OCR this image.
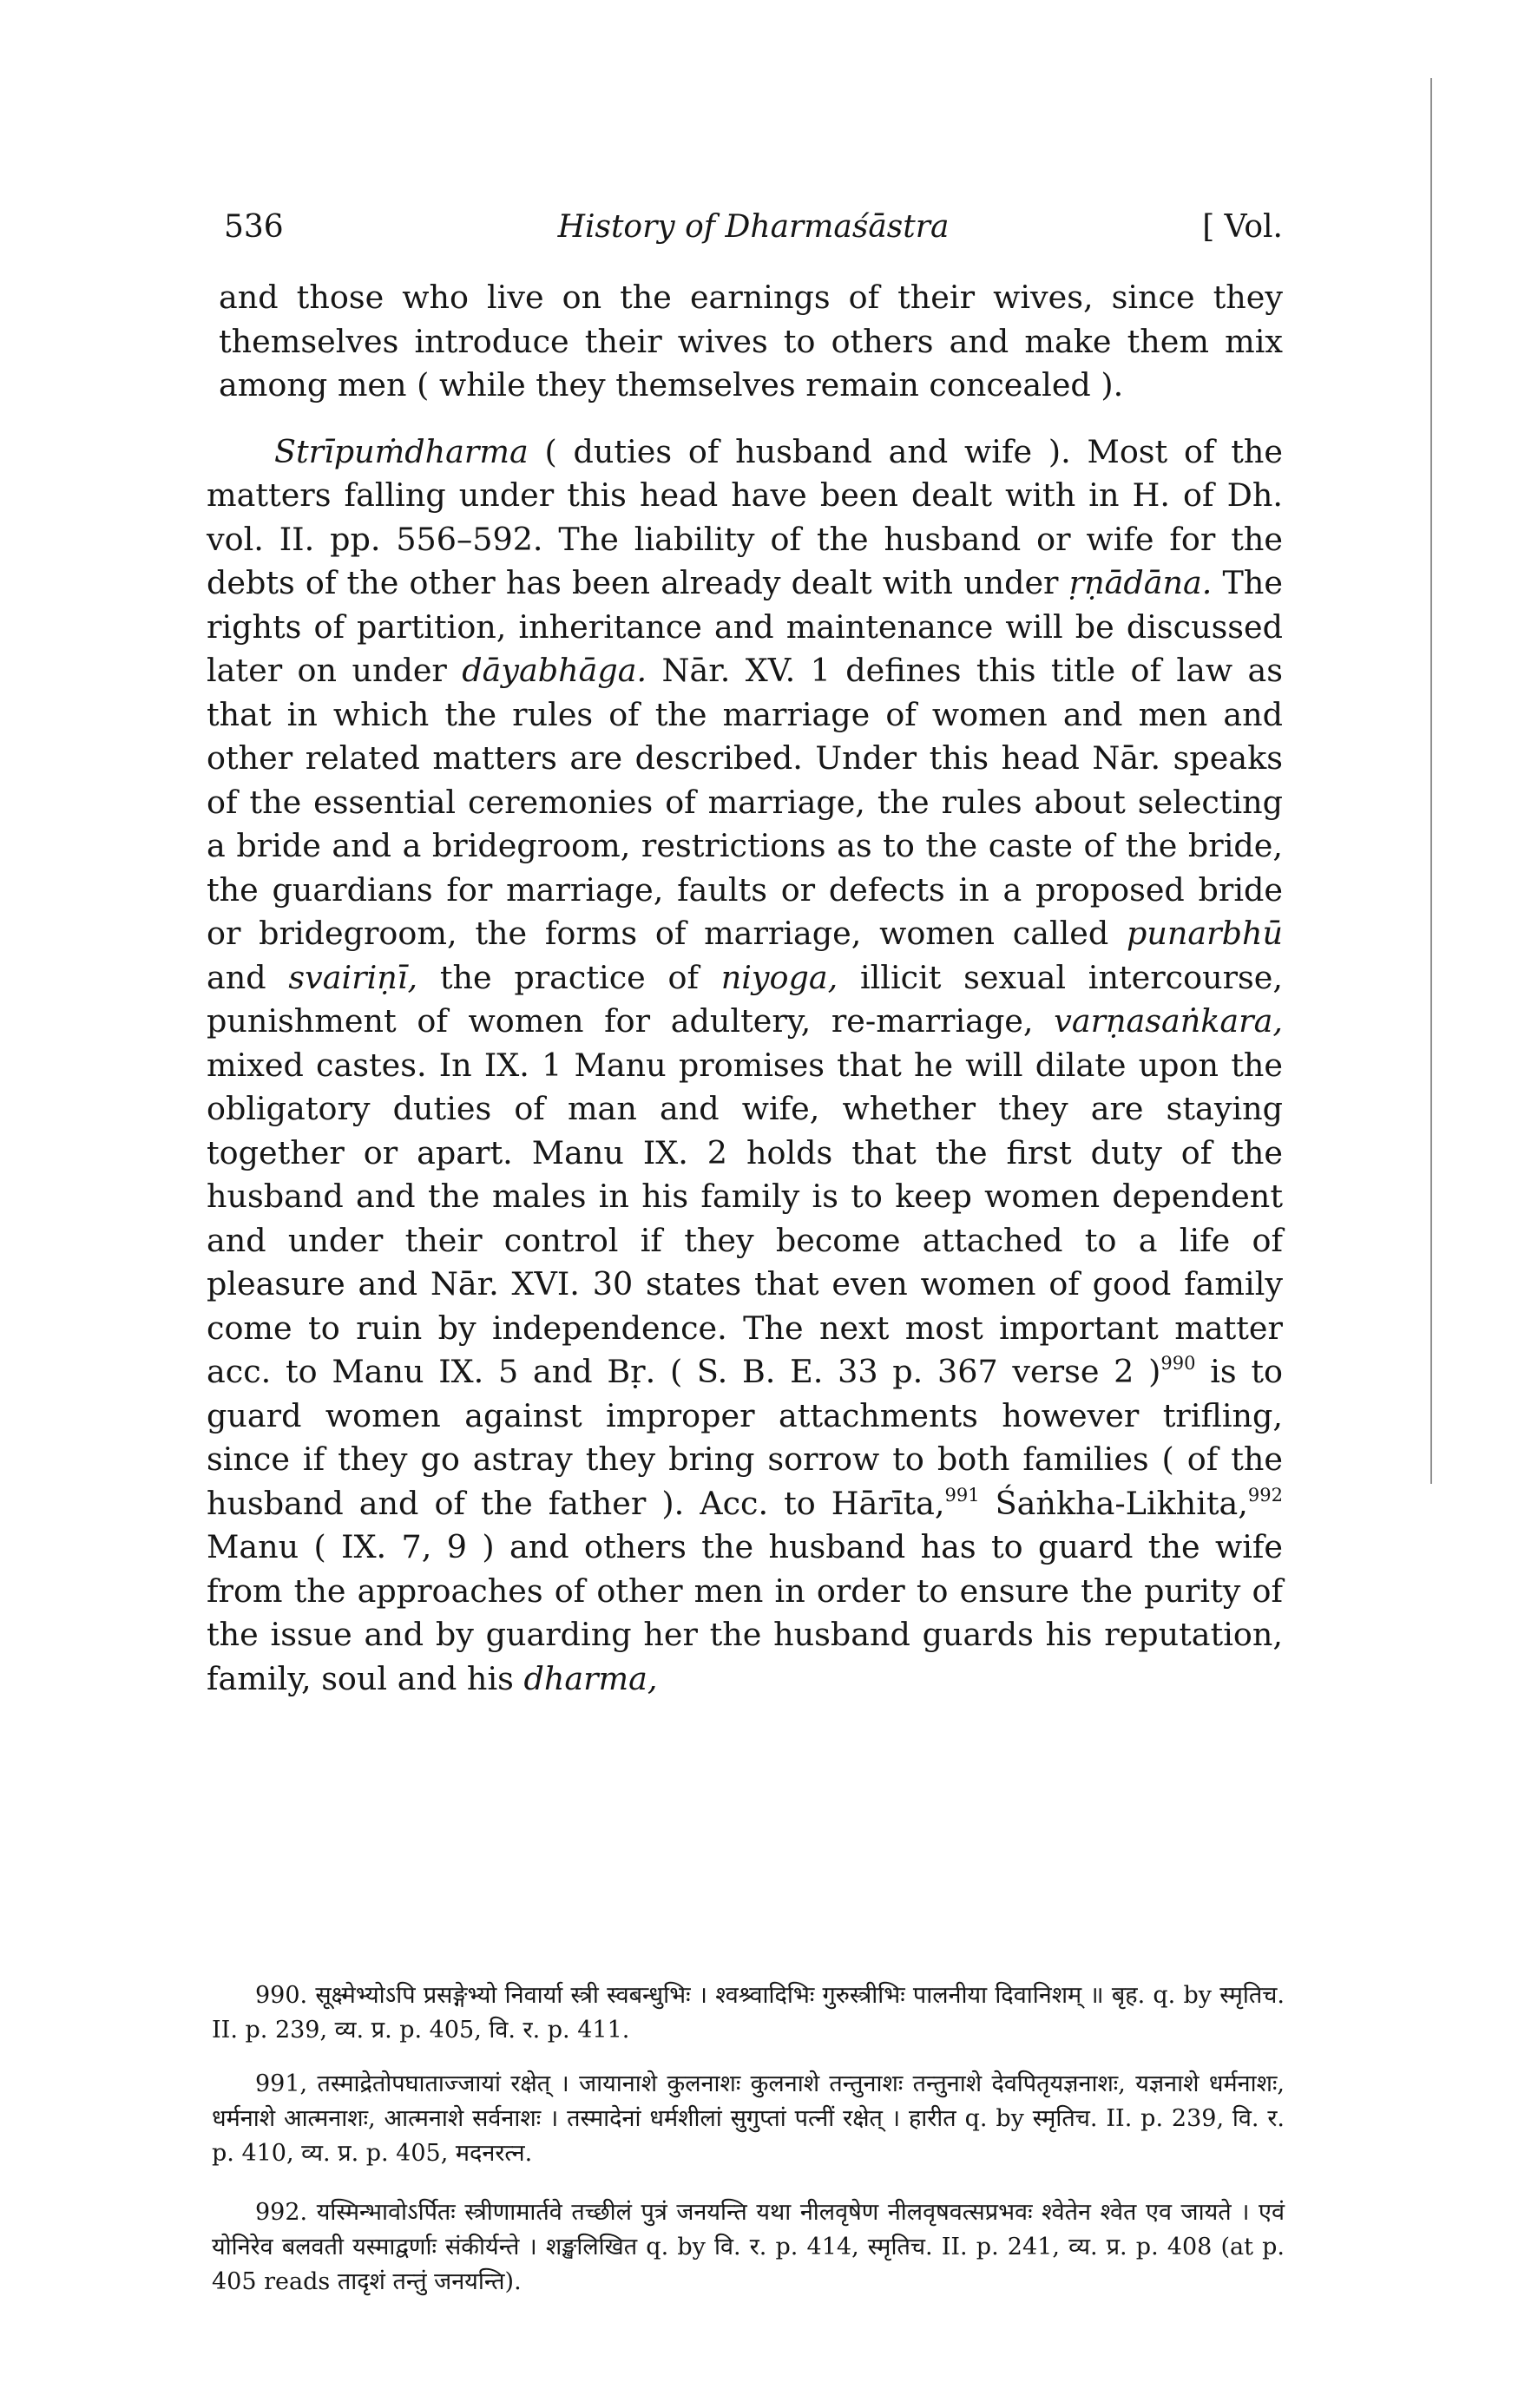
536	History of Dharmaśāstra	[ Vol.

and those who live on the earnings of their wives, since they themselves introduce their wives to others and make them mix among men ( while they themselves remain concealed ).

Strīpuṁdharma ( duties of husband and wife ). Most of the matters falling under this head have been dealt with in H. of Dh. vol. II. pp. 556–592. The liability of the husband or wife for the debts of the other has been already dealt with under ṛṇādāna. The rights of partition, inheritance and maintenance will be discussed later on under dāyabhāga. Nār. XV. 1 defines this title of law as that in which the rules of the marriage of women and men and other related matters are described. Under this head Nār. speaks of the essential ceremonies of marriage, the rules about selecting a bride and a bridegroom, restrictions as to the caste of the bride, the guardians for marriage, faults or defects in a proposed bride or bridegroom, the forms of marriage, women called punarbhū and svairiṇī, the practice of niyoga, illicit sexual intercourse, punishment of women for adultery, re-marriage, varṇasaṅkara, mixed castes. In IX. 1 Manu promises that he will dilate upon the obligatory duties of man and wife, whether they are staying together or apart. Manu IX. 2 holds that the first duty of the husband and the males in his family is to keep women dependent and under their control if they become attached to a life of pleasure and Nār. XVI. 30 states that even women of good family come to ruin by independence. The next most important matter acc. to Manu IX. 5 and Bṛ. ( S. B. E. 33 p. 367 verse 2 )$^{990}$ is to guard women against improper attachments however trifling, since if they go astray they bring sorrow to both families ( of the husband and of the father ). Acc. to Hārīta,$^{991}$ Śaṅkha-Likhita,$^{992}$ Manu ( IX. 7, 9 ) and others the husband has to guard the wife from the approaches of other men in order to ensure the purity of the issue and by guarding her the husband guards his reputation, family, soul and his dharma,

990. सूक्ष्मेभ्योऽपि प्रसङ्गेभ्यो निवार्या स्त्री स्वबन्धुभिः । श्वश्र्वादिभिः गुरुस्त्रीभिः पालनीया दिवानिशम् ॥ बृह. q. by स्मृतिच. II. p. 239, व्य. प्र. p. 405, वि. र. p. 411.

991, तस्माद्रेतोपघाताज्जायां रक्षेत् । जायानाशे कुलनाशः कुलनाशे तन्तुनाशः तन्तुनाशे देवपितृयज्ञनाशः, यज्ञनाशे धर्मनाशः, धर्मनाशे आत्मनाशः, आत्मनाशे सर्वनाशः । तस्मादेनां धर्मशीलां सुगुप्तां पत्नीं रक्षेत् । हारीत q. by स्मृतिच. II. p. 239, वि. र. p. 410, व्य. प्र. p. 405, मदनरत्न.

992. यस्मिन्भावोऽर्पितः स्त्रीणामार्तवे तच्छीलं पुत्रं जनयन्ति यथा नीलवृषेण नीलवृषवत्सप्रभवः श्वेतेन श्वेत एव जायते । एवं योनिरेव बलवती यस्माद्वर्णाः संकीर्यन्ते । शङ्खलिखित q. by वि. र. p. 414, स्मृतिच. II. p. 241, व्य. प्र. p. 408 (at p. 405 reads तादृशं तन्तुं जनयन्ति).
